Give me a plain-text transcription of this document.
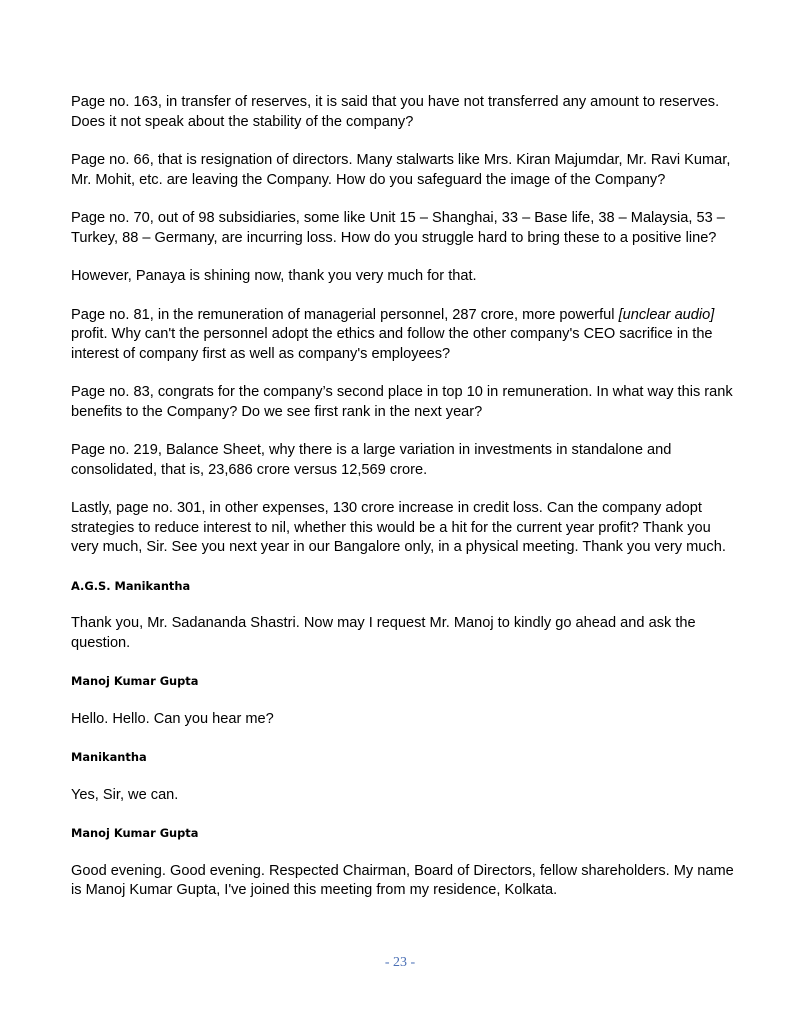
Page no. 163, in transfer of reserves, it is said that you have not transferred any amount to reserves. Does it not speak about the stability of the company?

Page no. 66, that is resignation of directors. Many stalwarts like Mrs. Kiran Majumdar, Mr. Ravi Kumar, Mr. Mohit, etc. are leaving the Company. How do you safeguard the image of the Company?

Page no. 70, out of 98 subsidiaries, some like Unit 15 – Shanghai, 33 – Base life, 38 – Malaysia, 53 – Turkey, 88 – Germany, are incurring loss. How do you struggle hard to bring these to a positive line?

However, Panaya is shining now, thank you very much for that.

Page no. 81, in the remuneration of managerial personnel, 287 crore, more powerful [unclear audio] profit. Why can't the personnel adopt the ethics and follow the other company's CEO sacrifice in the interest of company first as well as company's employees?

Page no. 83, congrats for the company’s second place in top 10 in remuneration. In what way this rank benefits to the Company? Do we see first rank in the next year?

Page no. 219, Balance Sheet, why there is a large variation in investments in standalone and consolidated, that is, 23,686 crore versus 12,569 crore.

Lastly, page no. 301, in other expenses, 130 crore increase in credit loss. Can the company adopt strategies to reduce interest to nil, whether this would be a hit for the current year profit? Thank you very much, Sir. See you next year in our Bangalore only, in a physical meeting. Thank you very much.

A.G.S. Manikantha

Thank you, Mr. Sadananda Shastri. Now may I request Mr. Manoj to kindly go ahead and ask the question.

Manoj Kumar Gupta

Hello. Hello. Can you hear me?

Manikantha

Yes, Sir, we can.

Manoj Kumar Gupta

Good evening. Good evening. Respected Chairman, Board of Directors, fellow shareholders. My name is Manoj Kumar Gupta, I've joined this meeting from my residence, Kolkata.

- 23 -
